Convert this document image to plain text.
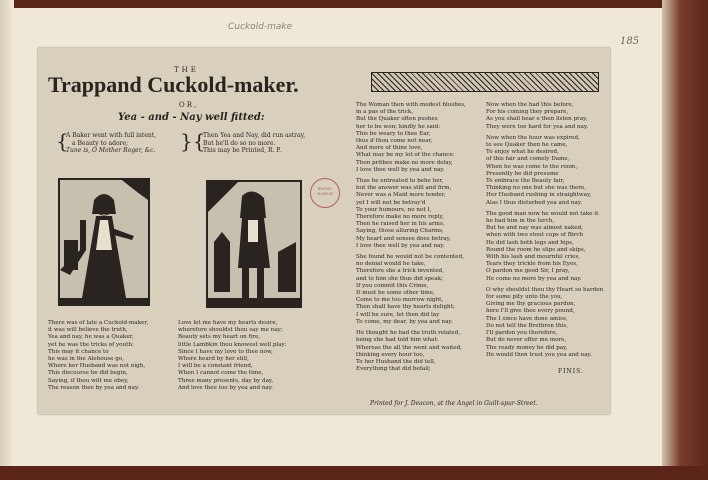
Cuckold-make
185
THE
Trappand Cuckold-maker.
OR,
Yea - and - Nay well fitted:
{
A Baker went with full intent,
a Beauty to adore;
Tune is, O Mother Roger, &c.	}{
Then Yea and Nay, did run astray,
But he'll do so no more.
This may be Printed, R. P.
BRITISH MUSEUM
There was of late a Cuckold-maker,
it was will believe the truth,
Yea and nay, he was a Quaker,
yet he was the tricks of youth:
This may it chance to
he was in the Alehouse go,
Where her Husband was not nigh,
This discourse he did begin,
Saying, if thou wilt me obey,
The reason thee by yea and nay.
Love let me have my hearts desire,
wherefore shouldst thou say me nay;
Beauty sets my heart on fire,
little Lambkin thou knowest well play:
Since I have my love to thee now,
Where heard by her still,
I will be a constant friend,
When I cannot come the time,
Three many presents, day by day,
And love thee too by yea and nay.
The Woman then with modest blushes,
in a pas of the trick,
But the Quaker often pushes
her to be won; kindly he said:
This be weary to thee Ear,
thus if thou come not near,
And more of thine love,
What may be my lot of the chance:
Then prithee make no more delay,
I love thee well by yea and nay.
Thus he entreated to behe her,
but the answer was still and firm,
Never was a Maid more tender,
yet I will not be betray'd
To your humours, no not I,
Therefore make no more reply,
Then he raised her in his arms,
Saying, those alluring Charms,
My heart and senses does betray,
I love thee well by yea and nay.
She found he would not be contented,
no denial would he take,
Therefore she a trick invented,
and to him she thus did speak;
If you commit this Crime,
It must be some other time,
Come to me too morrow night,
Then shall have thy hearts delight;
I will be sure, let then did lay
To come, my dear, by yea and nay.
He thought he had the truth related,
being she had told him what:
Whereas the all the went and waited,
thinking every hour too,
To her Husband the did tell,
Everything that did befall;
Now when the had this before,
For his coming they prepare,
As you shall hear e then listen pray,
They were too hard for yea and nay.
Now when the hour was expired,
to see Quaker then he came,
To enjoy what he desired,
of this fair and comely Dame,
When he was come to the room,
Presently he did presume
To embrace the Beauty fair,
Thinking no one but she was there,
Her Husband rushing in straightway,
Alas I thus disturbed yea and nay.
The good man now he would not take it
he had him in the lurch,
But he and nay was almost naked,
when with two stout cups of Birch
He did lash both legs and hips,
Round the room he slips and skips,
With his lash and mournful cries,
Tears they trickle from his Eyes,
O pardon me good Sir, I pray,
He come no more by yea and nay.
O why shouldst thou thy Heart so harden
for some pity unto the you,
Giving me thy gracious pardon,
here I'll give thee every pound,
The I since have done amiss,
Do not tell the Brethren this,
I'll pardon you therefore,
But do never offer me more,
The ready money he did pay,
He would then trust you yea and nay.
FINIS.
Printed for J. Deacon, at the Angel in Guilt-spur-Street.
